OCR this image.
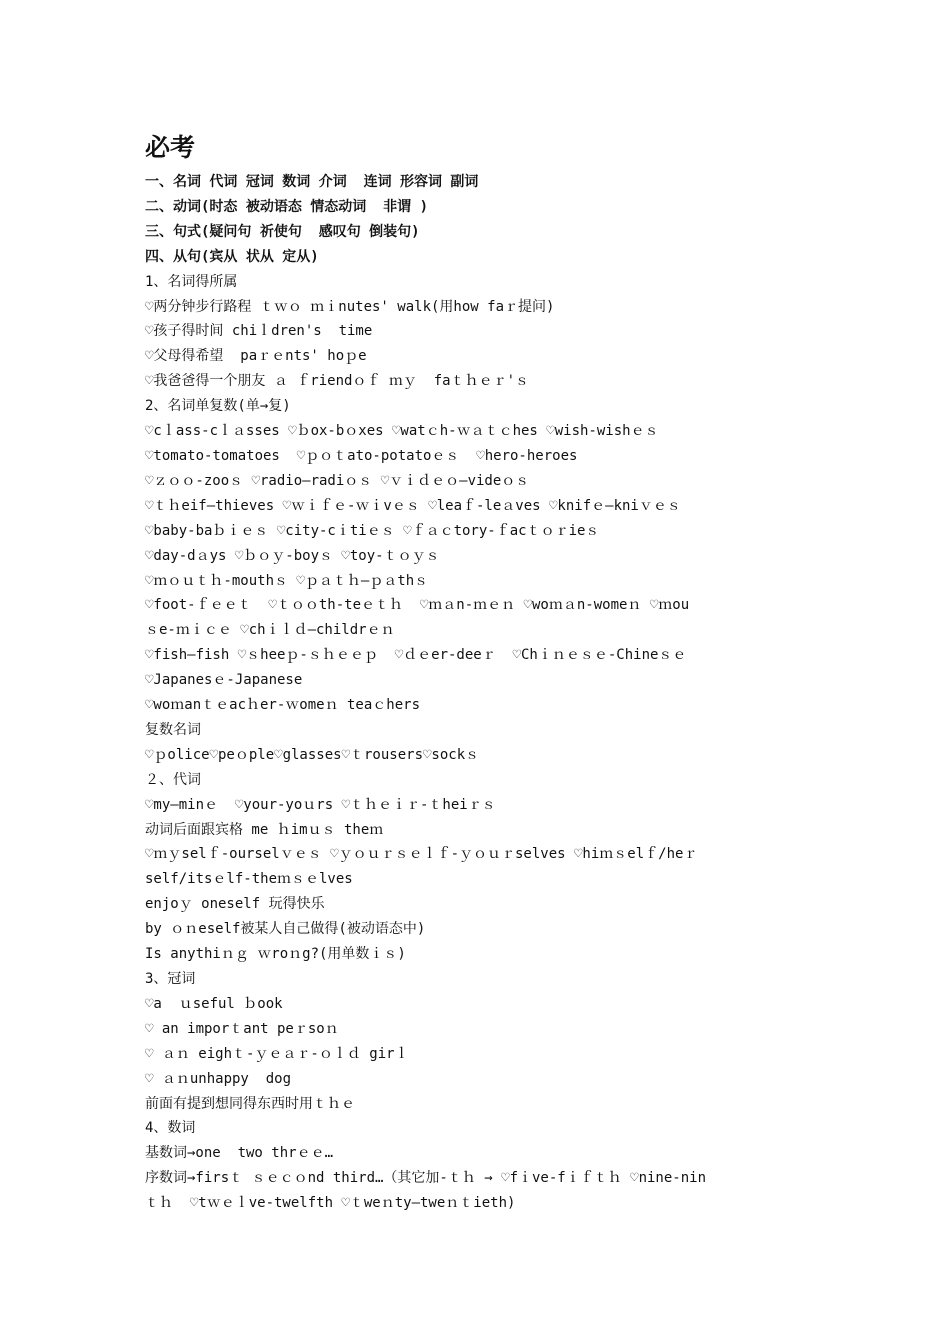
必考
一、名词 代词 冠词 数词 介词  连词 形容词 副词
二、动词(时态 被动语态 情态动词  非谓 )
三、句式(疑问句 祈使句  感叹句 倒装句)
四、从句(宾从 状从 定从)
1、名词得所属
♡两分钟步行路程 ｔｗｏ ｍｉnutes' walk(用how faｒ提问)
♡孩子得时间 chiｌdren's  time
♡父母得希望  paｒｅnts' hoｐe
♡我爸爸得一个朋友 ａ ｆriendｏｆ ｍｙ  faｔｈｅｒ'ｓ
2、名词单复数(单→复)
♡cｌass-cｌａsses ♡ｂox-bｏxes ♡watｃh-ｗａｔｃhes ♡wish-wishｅｓ
♡tomato-tomatoes  ♡ｐｏｔato-potatoｅｓ  ♡hero-heroes
♡ｚｏｏ-zooｓ ♡radio—radiｏｓ ♡ｖｉｄｅｏ—videｏｓ
♡ｔｈeif—thieves ♡ｗｉｆｅ-ｗｉvｅｓ ♡leaｆ-leａves ♡knifｅ—kniｖｅｓ
♡baby-baｂｉｅｓ ♡city-cｉtiｅｓ ♡ｆａｃtory-ｆacｔｏｒieｓ
♡day-dａys ♡ｂｏｙ-boyｓ ♡toy-ｔｏｙｓ
♡ｍｏｕｔｈ-mouthｓ ♡ｐａｔｈ—ｐａthｓ
♡foot-ｆｅｅｔ  ♡ｔｏｏth-teｅｔｈ  ♡ｍａn-ｍｅｎ ♡woｍａn-womeｎ ♡ｍou
ｓe-ｍｉｃｅ ♡chｉｌｄ—childrｅｎ
♡fish—fish ♡ｓheeｐ-ｓｈｅｅｐ  ♡ｄｅer-deeｒ  ♡Chｉｎｅｓｅ-Chineｓｅ
♡Japanesｅ-Japanese
♡woｍanｔｅacｈer-ｗomeｎ teaｃhers
复数名词
♡ｐolice♡peｏple♡glasses♡ｔrousers♡sockｓ
２、代词
♡my—minｅ  ♡your-yoｕrs ♡ｔｈｅｉｒ-ｔheiｒｓ
动词后面跟宾格 me ｈimｕｓ theｍ
♡ｍｙselｆ-ourselｖｅｓ ♡ｙｏｕｒｓｅｌｆ-ｙｏｕｒselves ♡hiｍｓelｆ/heｒ
self/itsｅlf-theｍｓｅlves
enjoｙ oneself 玩得快乐
by ｏｎeself被某人自己做得(被动语态中)
Is anythiｎｇ ｗroｎg?(用单数ｉｓ)
3、冠词
♡a  ｕseful ｂook
♡ an imporｔant peｒsoｎ
♡ ａｎ eighｔ-ｙｅａｒ-ｏｌｄ girｌ
♡ ａｎunhappy  dog
前面有提到想同得东西时用ｔｈｅ
4、数词
基数词→one  two thrｅｅ…
序数词→firsｔ ｓｅｃｏnd third…（其它加-ｔｈ → ♡fｉve-fｉｆｔｈ ♡nine-nin
ｔｈ  ♡tｗｅｌve-twelfth ♡ｔweｎty—tweｎｔieth)
